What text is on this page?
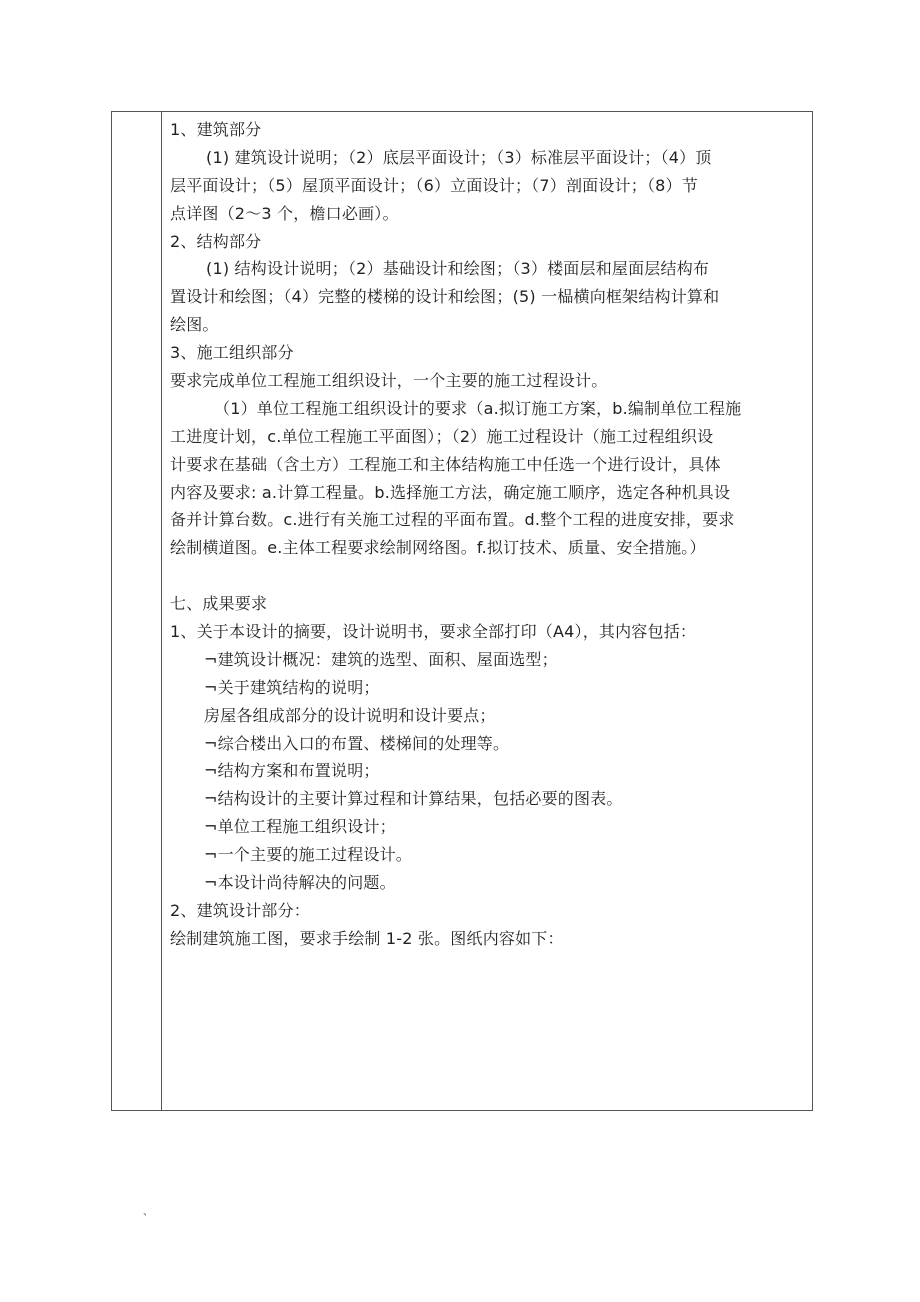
1、建筑部分
(1) 建筑设计说明；（2）底层平面设计；（3）标准层平面设计；（4）顶
层平面设计；（5）屋顶平面设计；（6）立面设计；（7）剖面设计；（8）节
点详图（2～3 个，檐口必画）。
2、结构部分
(1) 结构设计说明；（2）基础设计和绘图；（3）楼面层和屋面层结构布
置设计和绘图；（4）完整的楼梯的设计和绘图；(5) 一榀横向框架结构计算和
绘图。
3、施工组织部分
要求完成单位工程施工组织设计，一个主要的施工过程设计。
（1）单位工程施工组织设计的要求（a.拟订施工方案，b.编制单位工程施
工进度计划，c.单位工程施工平面图）；（2）施工过程设计（施工过程组织设
计要求在基础（含土方）工程施工和主体结构施工中任选一个进行设计，具体
内容及要求: a.计算工程量。b.选择施工方法，确定施工顺序，选定各种机具设
备并计算台数。c.进行有关施工过程的平面布置。d.整个工程的进度安排，要求
绘制横道图。e.主体工程要求绘制网络图。f.拟订技术、质量、安全措施。）
七、成果要求
1、关于本设计的摘要，设计说明书，要求全部打印（A4），其内容包括：
¬建筑设计概况：建筑的选型、面积、屋面选型；
¬关于建筑结构的说明；
房屋各组成部分的设计说明和设计要点；
¬综合楼出入口的布置、楼梯间的处理等。
¬结构方案和布置说明；
¬结构设计的主要计算过程和计算结果，包括必要的图表。
¬单位工程施工组织设计；
¬一个主要的施工过程设计。
¬本设计尚待解决的问题。
2、建筑设计部分：
绘制建筑施工图，要求手绘制 1-2 张。图纸内容如下：
、
